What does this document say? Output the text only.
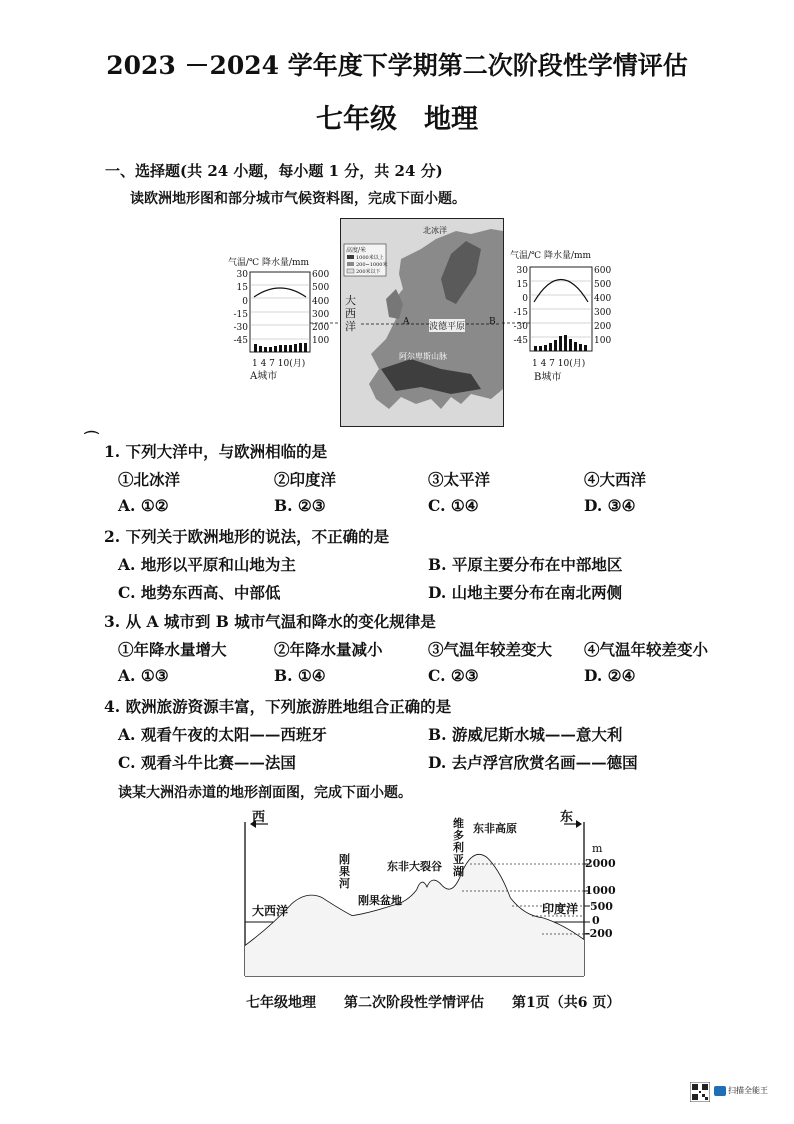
2023 －2024 学年度下学期第二次阶段性学情评估
七年级　地理
一、选择题(共 24 小题，每小题 1 分，共 24 分)
读欧洲地形图和部分城市气候资料图，完成下面小题。
气温/℃ 降水量/mm
30
15
0
-15
-30
-45
600
500
400
300
200
100
1 4 7 10(月)
A城市
高度/米
1000米以上
200~1000米
200米以下
北冰洋
大西洋	波德平原
阿尔卑斯山脉
A	B
气温/℃ 降水量/mm
30
15
0
-15
-30
-45
600
500
400
300
200
100
1 4 7 10(月)
B城市
⌒
1. 下列大洋中，与欧洲相临的是
①北冰洋	②印度洋	③太平洋	④大西洋
A. ①②	B. ②③	C. ①④	D. ③④
2. 下列关于欧洲地形的说法，不正确的是
A. 地形以平原和山地为主	B. 平原主要分布在中部地区
C. 地势东西高、中部低	D. 山地主要分布在南北两侧
3. 从 A 城市到 B 城市气温和降水的变化规律是
①年降水量增大	②年降水量减小	③气温年较差变大 ④气温年较差变小
A. ①③	B. ①④	C. ②③	D. ②④
4. 欧洲旅游资源丰富，下列旅游胜地组合正确的是
A. 观看午夜的太阳——西班牙	B. 游威尼斯水城——意大利
C. 观看斗牛比赛——法国	D. 去卢浮宫欣赏名画——德国
读某大洲沿赤道的地形剖面图，完成下面小题。
西	东
m
2000
1000
500
0
-200
大西洋
刚果河
刚果盆地
东非大裂谷
维多利亚湖
东非高原
印度洋
七年级地理　　第二次阶段性学情评估　　第1页（共6 页）
扫描全能王
